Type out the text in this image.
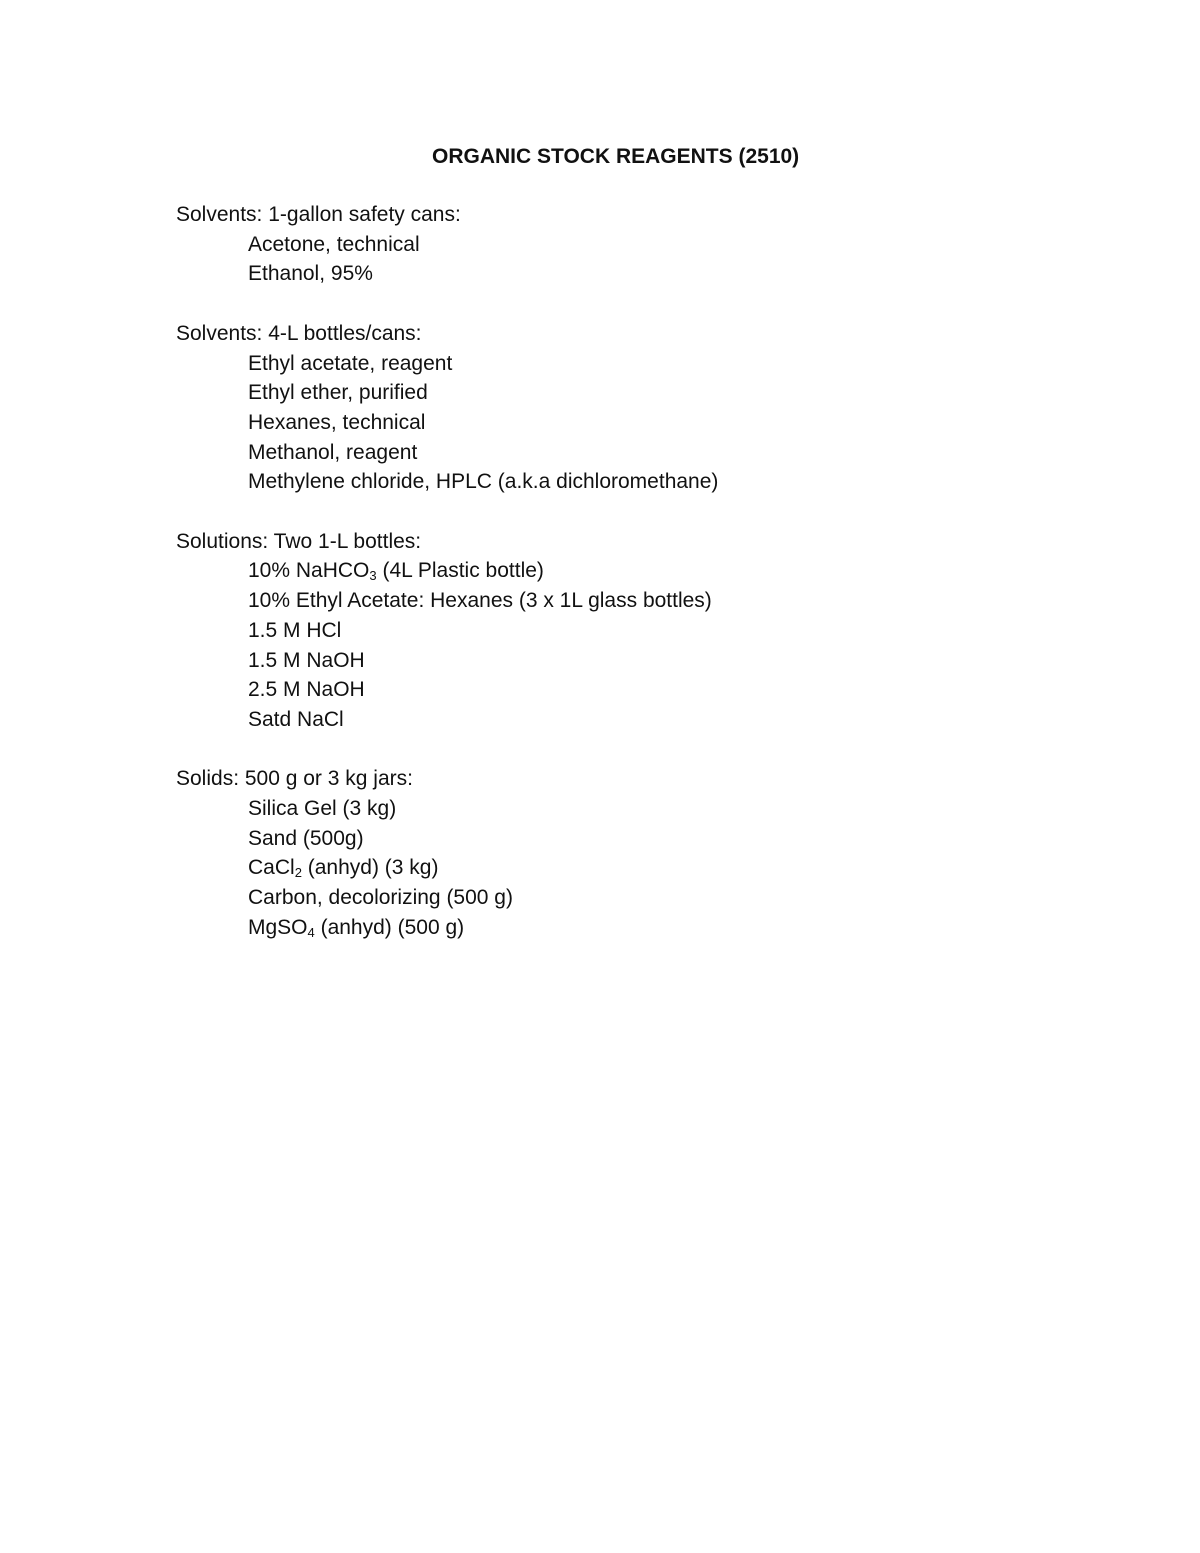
ORGANIC STOCK REAGENTS (2510)
Solvents: 1-gallon safety cans:
Acetone, technical
Ethanol, 95%
Solvents: 4-L bottles/cans:
Ethyl acetate, reagent
Ethyl ether, purified
Hexanes, technical
Methanol, reagent
Methylene chloride, HPLC (a.k.a dichloromethane)
Solutions: Two 1-L bottles:
10% NaHCO$_3$ (4L Plastic bottle)
10% Ethyl Acetate: Hexanes (3 x 1L glass bottles)
1.5 M HCl
1.5 M NaOH
2.5 M NaOH
Satd NaCl
Solids: 500 g or 3 kg jars:
Silica Gel (3 kg)
Sand (500g)
CaCl$_2$ (anhyd) (3 kg)
Carbon, decolorizing (500 g)
MgSO$_4$ (anhyd) (500 g)
